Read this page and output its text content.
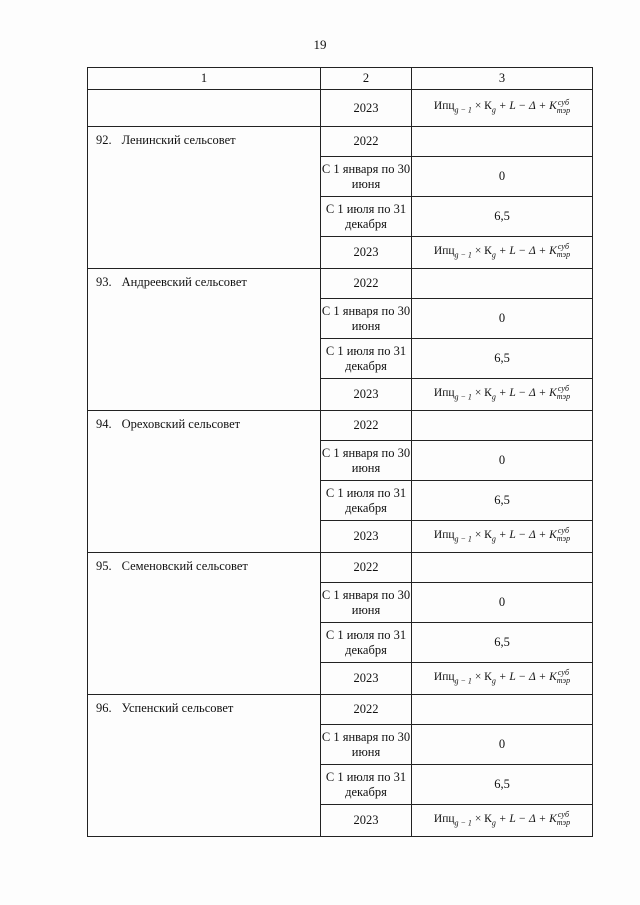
19
1	2	3
	2023	$Ипц_{g - 1} \times К_g + L - \Delta + K$ суб
тэр

92. Ленинский сельсовет	2022	
	С 1 января по 30 июня	0
	С 1 июля по 31 декабря	6,5
	2023	$Ипц_{g - 1} \times К_g + L - \Delta + K$ суб
тэр

93. Андреевский сельсовет	2022	
	С 1 января по 30 июня	0
	С 1 июля по 31 декабря	6,5
	2023	$Ипц_{g - 1} \times К_g + L - \Delta + K$ суб
тэр

94. Ореховский сельсовет	2022	
	С 1 января по 30 июня	0
	С 1 июля по 31 декабря	6,5
	2023	$Ипц_{g - 1} \times К_g + L - \Delta + K$ суб
тэр

95. Семеновский сельсовет	2022	
	С 1 января по 30 июня	0
	С 1 июля по 31 декабря	6,5
	2023	$Ипц_{g - 1} \times К_g + L - \Delta + K$ суб
тэр

96. Успенский сельсовет	2022	
	С 1 января по 30 июня	0
	С 1 июля по 31 декабря	6,5
	2023	$Ипц_{g - 1} \times К_g + L - \Delta + K$ суб
тэр
